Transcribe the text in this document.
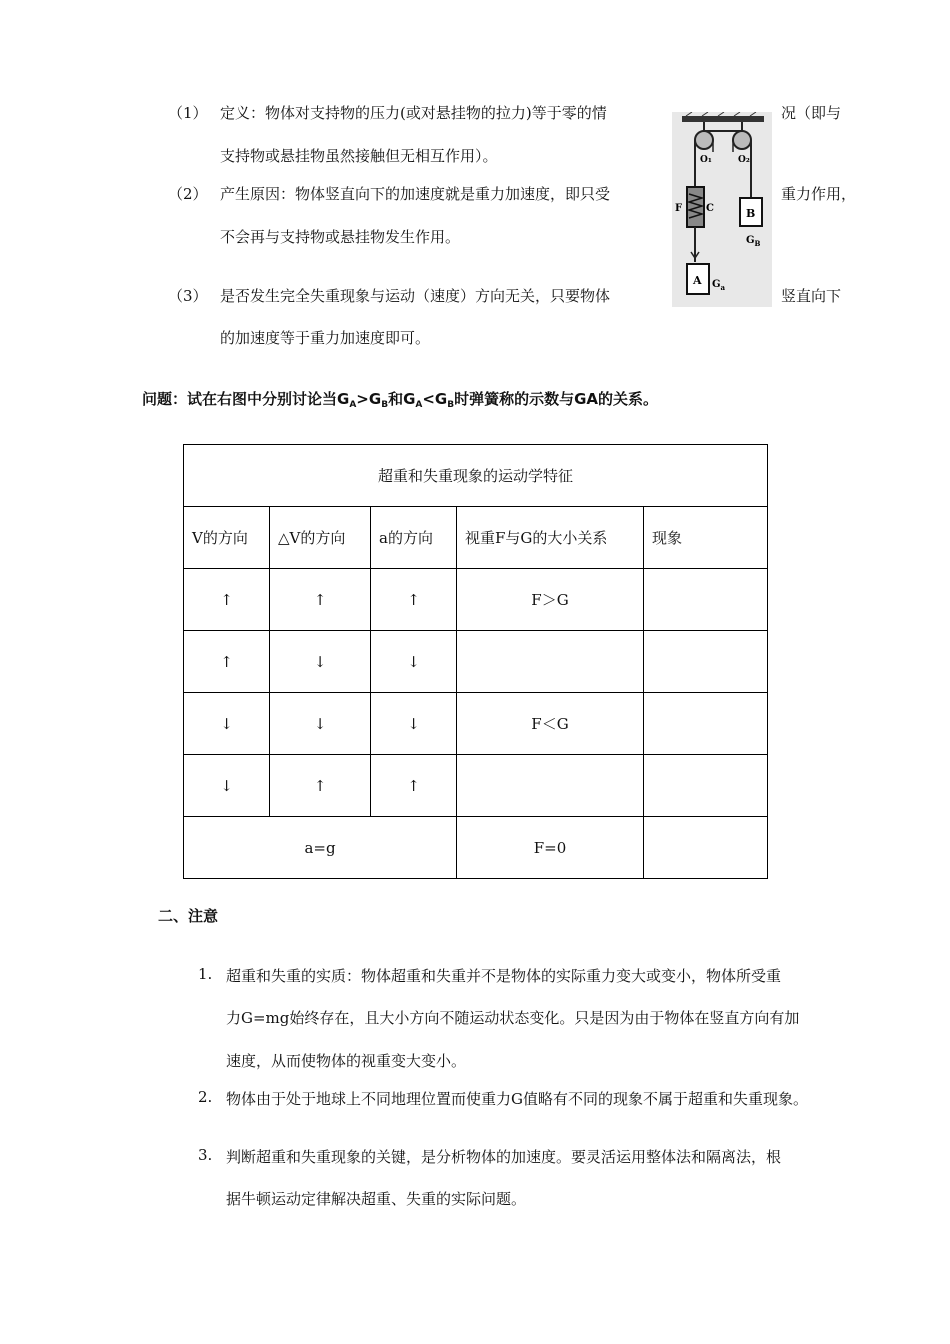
（1） 定义：物体对支持物的压力(或对悬挂物的拉力)等于零的情	况（即与
支持物或悬挂物虽然接触但无相互作用）。
（2） 产生原因：物体竖直向下的加速度就是重力加速度，即只受	重力作用，
不会再与支持物或悬挂物发生作用。
（3） 是否发生完全失重现象与运动（速度）方向无关，只要物体	竖直向下
的加速度等于重力加速度即可。
O₁	O₂
F C	B
$G_B$
A $G_a$
问题：试在右图中分别讨论当$G_A>G_B$和$G_A<G_B$时弹簧称的示数与GA的关系。
超重和失重现象的运动学特征				
V的方向	△V的方向	a的方向	视重F与G的大小关系	现象
↑	↑	↑	F＞G	
↑	↓	↓		
↓	↓	↓	F＜G	
↓	↑	↑		
a=g			F=0	
二、注意
1. 超重和失重的实质：物体超重和失重并不是物体的实际重力变大或变小，物体所受重
力G=mg始终存在，且大小方向不随运动状态变化。只是因为由于物体在竖直方向有加
速度，从而使物体的视重变大变小。
2. 物体由于处于地球上不同地理位置而使重力G值略有不同的现象不属于超重和失重现象。
3. 判断超重和失重现象的关键，是分析物体的加速度。要灵活运用整体法和隔离法，根
据牛顿运动定律解决超重、失重的实际问题。
